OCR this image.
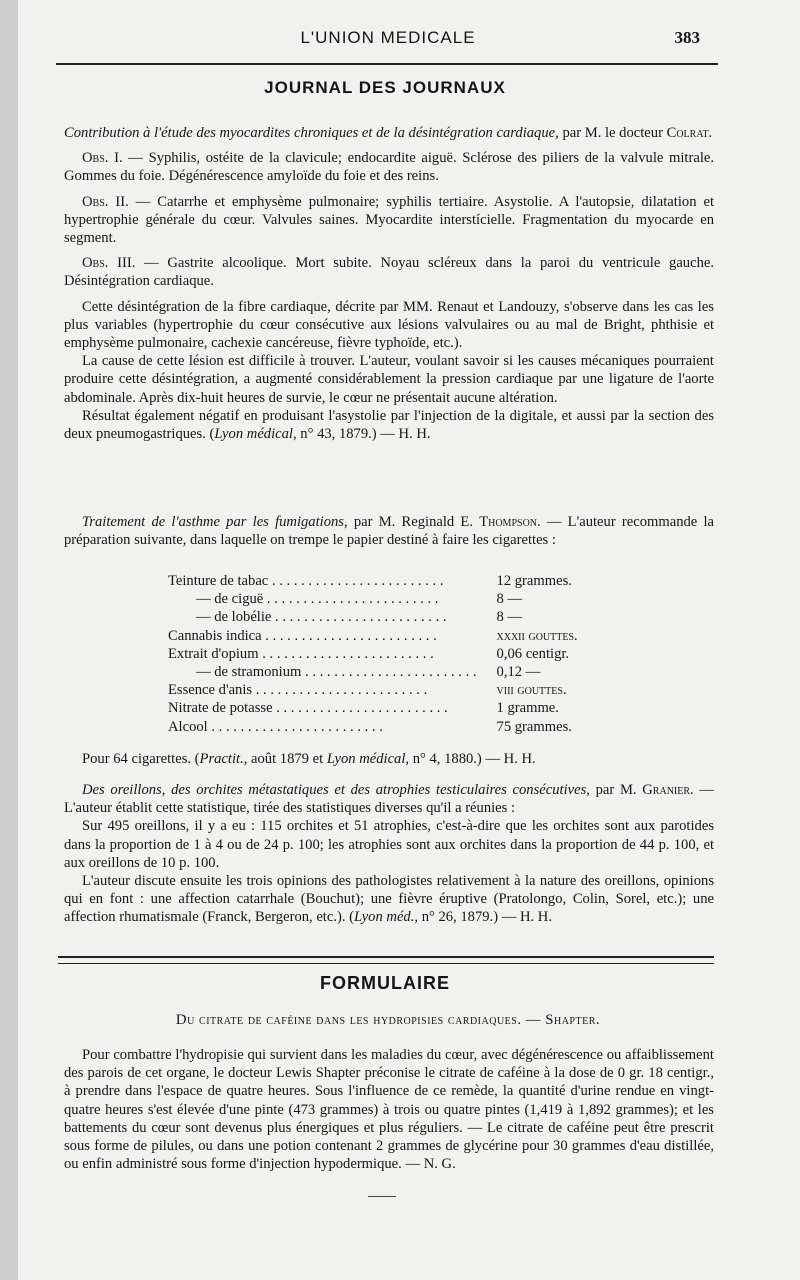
L'UNION MEDICALE	383
JOURNAL DES JOURNAUX

Contribution à l'étude des myocardites chroniques et de la désintégration cardiaque, par M. le docteur Colrat.

Obs. I. — Syphilis, ostéite de la clavicule; endocardite aiguë. Sclérose des piliers de la valvule mitrale. Gommes du foie. Dégénérescence amyloïde du foie et des reins.

Obs. II. — Catarrhe et emphysème pulmonaire; syphilis tertiaire. Asystolie. A l'autopsie, dilatation et hypertrophie générale du cœur. Valvules saines. Myocardite interstícielle. Fragmentation du myocarde en segment.

Obs. III. — Gastrite alcoolique. Mort subite. Noyau scléreux dans la paroi du ventricule gauche. Désintégration cardiaque.

Cette désintégration de la fibre cardiaque, décrite par MM. Renaut et Landouzy, s'observe dans les cas les plus variables (hypertrophie du cœur consécutive aux lésions valvulaires ou au mal de Bright, phthisie et emphysème pulmonaire, cachexie cancéreuse, fièvre typhoïde, etc.).

La cause de cette lésion est difficile à trouver. L'auteur, voulant savoir si les causes mécaniques pourraient produire cette désintégration, a augmenté considérablement la pression cardiaque par une ligature de l'aorte abdominale. Après dix-huit heures de survie, le cœur ne présentait aucune altération.

Résultat également négatif en produisant l'asystolie par l'injection de la digitale, et aussi par la section des deux pneumogastriques. (Lyon médical, n° 43, 1879.) — H. H.

Traitement de l'asthme par les fumigations, par M. Reginald E. Thompson. — L'auteur recommande la préparation suivante, dans laquelle on trempe le papier destiné à faire les cigarettes :

Teinture de tabac . . .	12 grammes.
— de ciguë . . .	8 —
— de lobélie . . .	8 —
Cannabis indica . . .	xxxii gouttes.
Extrait d'opium . . .	0,06 centigr.
— de stramonium . . .	0,12 —
Essence d'anis . . .	viii gouttes.
Nitrate de potasse . . .	1 gramme.
Alcool . . .	75 grammes.

Pour 64 cigarettes. (Practit., août 1879 et Lyon médical, n° 4, 1880.) — H. H.

Des oreillons, des orchites métastatiques et des atrophies testiculaires consécutives, par M. Granier. — L'auteur établit cette statistique, tirée des statistiques diverses qu'il a réunies :

Sur 495 oreillons, il y a eu : 115 orchites et 51 atrophies, c'est-à-dire que les orchites sont aux parotides dans la proportion de 1 à 4 ou de 24 p. 100; les atrophies sont aux orchites dans la proportion de 44 p. 100, et aux oreillons de 10 p. 100.

L'auteur discute ensuite les trois opinions des pathologistes relativement à la nature des oreillons, opinions qui en font : une affection catarrhale (Bouchut); une fièvre éruptive (Pratolongo, Colin, Sorel, etc.); une affection rhumatismale (Franck, Bergeron, etc.). (Lyon méd., n° 26, 1879.) — H. H.

FORMULAIRE
Du citrate de caféine dans les hydropisies cardiaques. — Shapter.

Pour combattre l'hydropisie qui survient dans les maladies du cœur, avec dégénérescence ou affaiblissement des parois de cet organe, le docteur Lewis Shapter préconise le citrate de caféine à la dose de 0 gr. 18 centigr., à prendre dans l'espace de quatre heures. Sous l'influence de ce remède, la quantité d'urine rendue en vingt-quatre heures s'est élevée d'une pinte (473 grammes) à trois ou quatre pintes (1,419 à 1,892 grammes); et les battements du cœur sont devenus plus énergiques et plus réguliers. — Le citrate de caféine peut être prescrit sous forme de pilules, ou dans une potion contenant 2 grammes de glycérine pour 30 grammes d'eau distillée, ou enfin administré sous forme d'injection hypodermique. — N. G.
